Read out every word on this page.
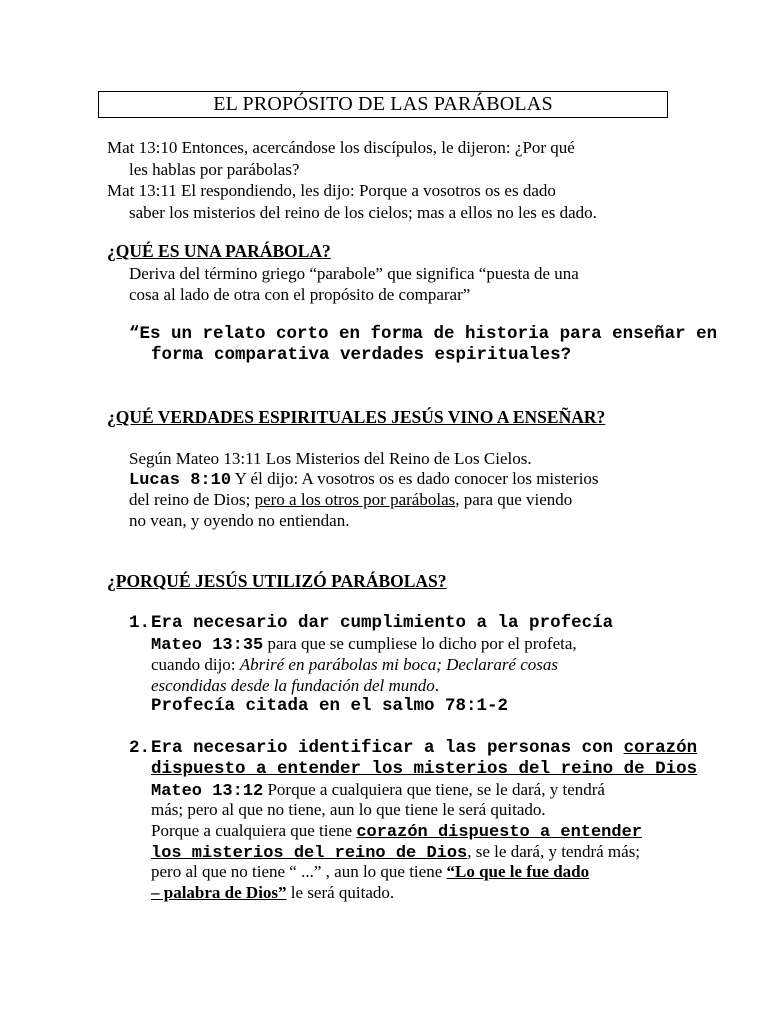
EL PROPÓSITO DE LAS PARÁBOLAS
Mat 13:10 Entonces, acercándose los discípulos, le dijeron: ¿Por qué
les hablas por parábolas?
Mat 13:11 El respondiendo, les dijo: Porque a vosotros os es dado
saber los misterios del reino de los cielos; mas a ellos no les es dado.
¿QUÉ ES UNA PARÁBOLA?
Deriva del término griego “parabole” que significa “puesta de una
cosa al lado de otra con el propósito de comparar”
“Es un relato corto en forma de historia para enseñar en
forma comparativa verdades espirituales?
¿QUÉ VERDADES ESPIRITUALES JESÚS VINO A ENSEÑAR?
Según Mateo 13:11 Los Misterios del Reino de Los Cielos.
Lucas 8:10 Y él dijo: A vosotros os es dado conocer los misterios
del reino de Dios; pero a los otros por parábolas, para que viendo
no vean, y oyendo no entiendan.
¿PORQUÉ JESÚS UTILIZÓ PARÁBOLAS?
1. Era necesario dar cumplimiento a la profecía
Mateo 13:35 para que se cumpliese lo dicho por el profeta,
cuando dijo: Abriré en parábolas mi boca; Declararé cosas
escondidas desde la fundación del mundo.
Profecía citada en el salmo 78:1-2
2. Era necesario identificar a las personas con corazón
dispuesto a entender los misterios del reino de Dios
Mateo 13:12 Porque a cualquiera que tiene, se le dará, y tendrá
más; pero al que no tiene, aun lo que tiene le será quitado.
Porque a cualquiera que tiene corazón dispuesto a entender
los misterios del reino de Dios, se le dará, y tendrá más;
pero al que no tiene “ ...” , aun lo que tiene “Lo que le fue dado
– palabra de Dios” le será quitado.
